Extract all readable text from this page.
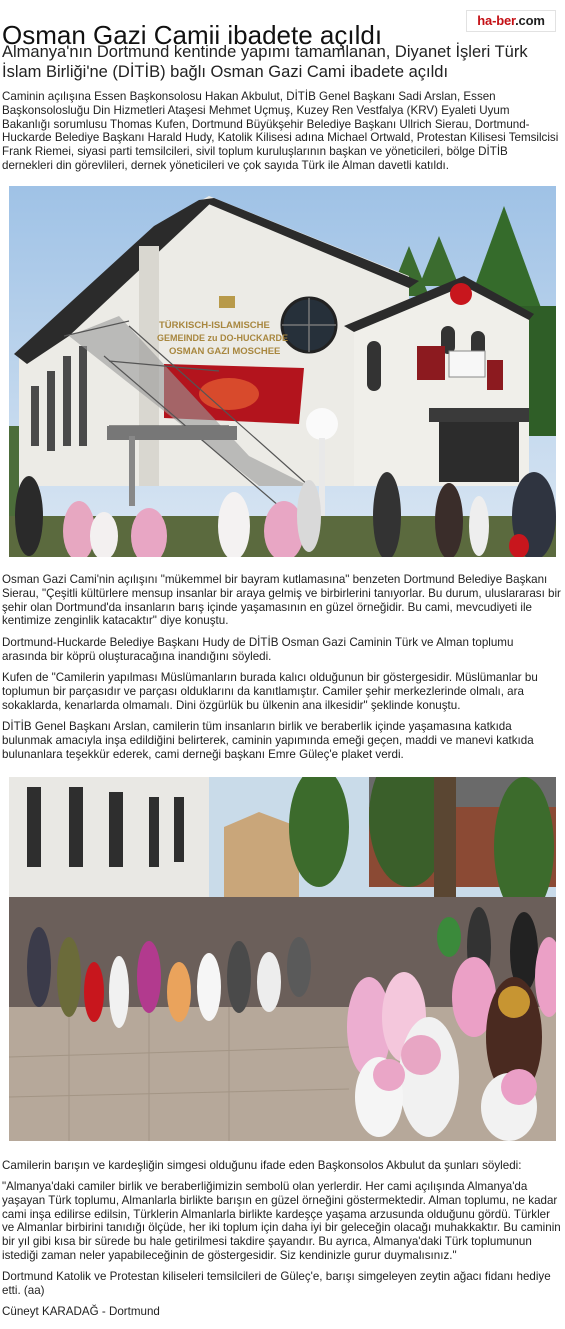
Osman Gazi Camii ibadete açıldı	ha-ber.com
Almanya'nın Dortmund kentinde yapımı tamamlanan, Diyanet İşleri Türk İslam Birliği'ne (DİTİB) bağlı Osman Gazi Cami ibadete açıldı
Caminin açılışına Essen Başkonsolosu Hakan Akbulut, DİTİB Genel Başkanı Sadi Arslan, Essen Başkonsolosluğu Din Hizmetleri Ataşesi Mehmet Uçmuş, Kuzey Ren Vestfalya (KRV) Eyaleti Uyum Bakanlığı sorumlusu Thomas Kufen, Dortmund Büyükşehir Belediye Başkanı Ullrich Sierau, Dortmund-Huckarde Belediye Başkanı Harald Hudy, Katolik Kilisesi adına Michael Ortwald, Protestan Kilisesi Temsilcisi Frank Riemei, siyasi parti temsilcileri, sivil toplum kuruluşlarının başkan ve yöneticileri, bölge DİTİB dernekleri din görevlileri, dernek yöneticileri ve çok sayıda Türk ile Alman davetli katıldı.
TÜRKISCH-ISLAMISCHE
GEMEINDE zu DO-HUCKARDE
OSMAN GAZI MOSCHEE
Osman Gazi Cami'nin açılışını "mükemmel bir bayram kutlamasına" benzeten Dortmund Belediye Başkanı Sierau, "Çeşitli kültürlere mensup insanlar bir araya gelmiş ve birbirlerini tanıyorlar. Bu durum, uluslararası bir şehir olan Dortmund'da insanların barış içinde yaşamasının en güzel örneğidir. Bu cami, mevcudiyeti ile kentimize zenginlik katacaktır" diye konuştu.
Dortmund-Huckarde Belediye Başkanı Hudy de DİTİB Osman Gazi Caminin Türk ve Alman toplumu arasında bir köprü oluşturacağına inandığını söyledi.
Kufen de "Camilerin yapılması Müslümanların burada kalıcı olduğunun bir göstergesidir. Müslümanlar bu toplumun bir parçasıdır ve parçası olduklarını da kanıtlamıştır. Camiler şehir merkezlerinde olmalı, ara sokaklarda, kenarlarda olmamalı. Dini özgürlük bu ülkenin ana ilkesidir" şeklinde konuştu.
DİTİB Genel Başkanı Arslan, camilerin tüm insanların birlik ve beraberlik içinde yaşamasına katkıda bulunmak amacıyla inşa edildiğini belirterek, caminin yapımında emeği geçen, maddi ve manevi katkıda bulunanlara teşekkür ederek, cami derneği başkanı Emre Güleç'e plaket verdi.
Camilerin barışın ve kardeşliğin simgesi olduğunu ifade eden Başkonsolos Akbulut da şunları söyledi:
"Almanya'daki camiler birlik ve beraberliğimizin sembolü olan yerlerdir. Her cami açılışında Almanya'da yaşayan Türk toplumu, Almanlarla birlikte barışın en güzel örneğini göstermektedir. Alman toplumu, ne kadar cami inşa edilirse edilsin, Türklerin Almanlarla birlikte kardeşçe yaşama arzusunda olduğunu gördü. Türkler ve Almanlar birbirini tanıdığı ölçüde, her iki toplum için daha iyi bir geleceğin olacağı muhakkaktır. Bu caminin bir yıl gibi kısa bir sürede bu hale getirilmesi takdire şayandır. Bu ayrıca, Almanya'daki Türk toplumunun istediği zaman neler yapabileceğinin de göstergesidir. Siz kendinizle gurur duymalısınız."
Dortmund Katolik ve Protestan kiliseleri temsilcileri de Güleç'e, barışı simgeleyen zeytin ağacı fidanı hediye etti. (aa)
Cüneyt KARADAĞ - Dortmund
